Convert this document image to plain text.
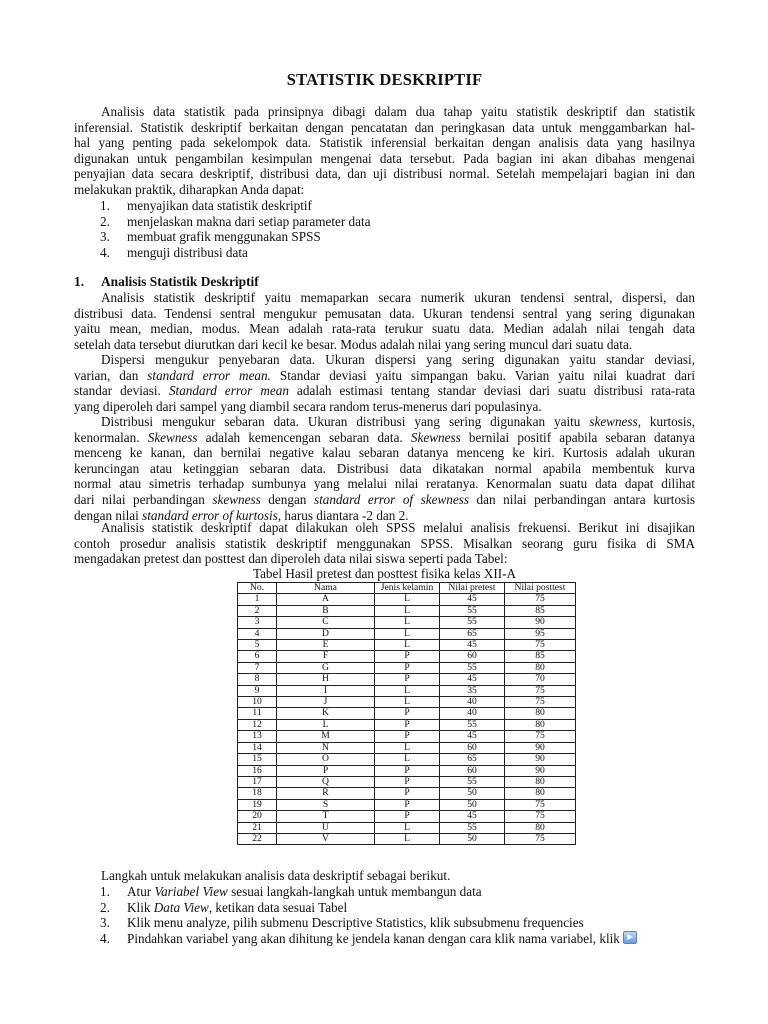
STATISTIK DESKRIPTIF
Analisis data statistik pada prinsipnya dibagi dalam dua tahap yaitu statistik deskriptif dan statistik
inferensial. Statistik deskriptif berkaitan dengan pencatatan dan peringkasan data untuk menggambarkan hal-
hal yang penting pada sekelompok data. Statistik inferensial berkaitan dengan analisis data yang hasilnya
digunakan untuk pengambilan kesimpulan mengenai data tersebut. Pada bagian ini akan dibahas mengenai
penyajian data secara deskriptif, distribusi data, dan uji distribusi normal. Setelah mempelajari bagian ini dan
melakukan praktik, diharapkan Anda dapat:
1.	menyajikan data statistik deskriptif
2.	menjelaskan makna dari setiap parameter data
3.	membuat grafik menggunakan SPSS
4.	menguji distribusi data
1. Analisis Statistik Deskriptif
Analisis statistik deskriptif yaitu memaparkan secara numerik ukuran tendensi sentral, dispersi, dan
distribusi data. Tendensi sentral mengukur pemusatan data. Ukuran tendensi sentral yang sering digunakan
yaitu mean, median, modus. Mean adalah rata-rata terukur suatu data. Median adalah nilai tengah data
setelah data tersebut diurutkan dari kecil ke besar. Modus adalah nilai yang sering muncul dari suatu data.
Dispersi mengukur penyebaran data. Ukuran dispersi yang sering digunakan yaitu standar deviasi,
varian, dan standard error mean. Standar deviasi yaitu simpangan baku. Varian yaitu nilai kuadrat dari
standar deviasi. Standard error mean adalah estimasi tentang standar deviasi dari suatu distribusi rata-rata
yang diperoleh dari sampel yang diambil secara random terus-menerus dari populasinya.
Distribusi mengukur sebaran data. Ukuran distribusi yang sering digunakan yaitu skewness, kurtosis,
kenormalan. Skewness adalah kemencengan sebaran data. Skewness bernilai positif apabila sebaran datanya
menceng ke kanan, dan bernilai negative kalau sebaran datanya menceng ke kiri. Kurtosis adalah ukuran
keruncingan atau ketinggian sebaran data. Distribusi data dikatakan normal apabila membentuk kurva
normal atau simetris terhadap sumbunya yang melalui nilai reratanya. Kenormalan suatu data dapat dilihat
dari nilai perbandingan skewness dengan standard error of skewness dan nilai perbandingan antara kurtosis
dengan nilai standard error of kurtosis, harus diantara -2 dan 2.
Analisis statistik deskriptif dapat dilakukan oleh SPSS melalui analisis frekuensi. Berikut ini disajikan
contoh prosedur analisis statistik deskriptif menggunakan SPSS. Misalkan seorang guru fisika di SMA
mengadakan pretest dan posttest dan diperoleh data nilai siswa seperti pada Tabel:
Tabel Hasil pretest dan posttest fisika kelas XII-A
No.	Nama	Jenis kelamin	Nilai pretest	Nilai posttest
1	A	L	45	75
2	B	L	55	85
3	C	L	55	90
4	D	L	65	95
5	E	L	45	75
6	F	P	60	85
7	G	P	55	80
8	H	P	45	70
9	I	L	35	75
10	J	L	40	75
11	K	P	40	80
12	L	P	55	80
13	M	P	45	75
14	N	L	60	90
15	O	L	65	90
16	P	P	60	90
17	Q	P	55	80
18	R	P	50	80
19	S	P	50	75
20	T	P	45	75
21	U	L	55	80
22	V	L	50	75
Langkah untuk melakukan analisis data deskriptif sebagai berikut.
1.	Atur Variabel View sesuai langkah-langkah untuk membangun data
2.	Klik Data View, ketikan data sesuai Tabel
3.	Klik menu analyze, pilih submenu Descriptive Statistics, klik subsubmenu frequencies
4.	Pindahkan variabel yang akan dihitung ke jendela kanan dengan cara klik nama variabel, klik
